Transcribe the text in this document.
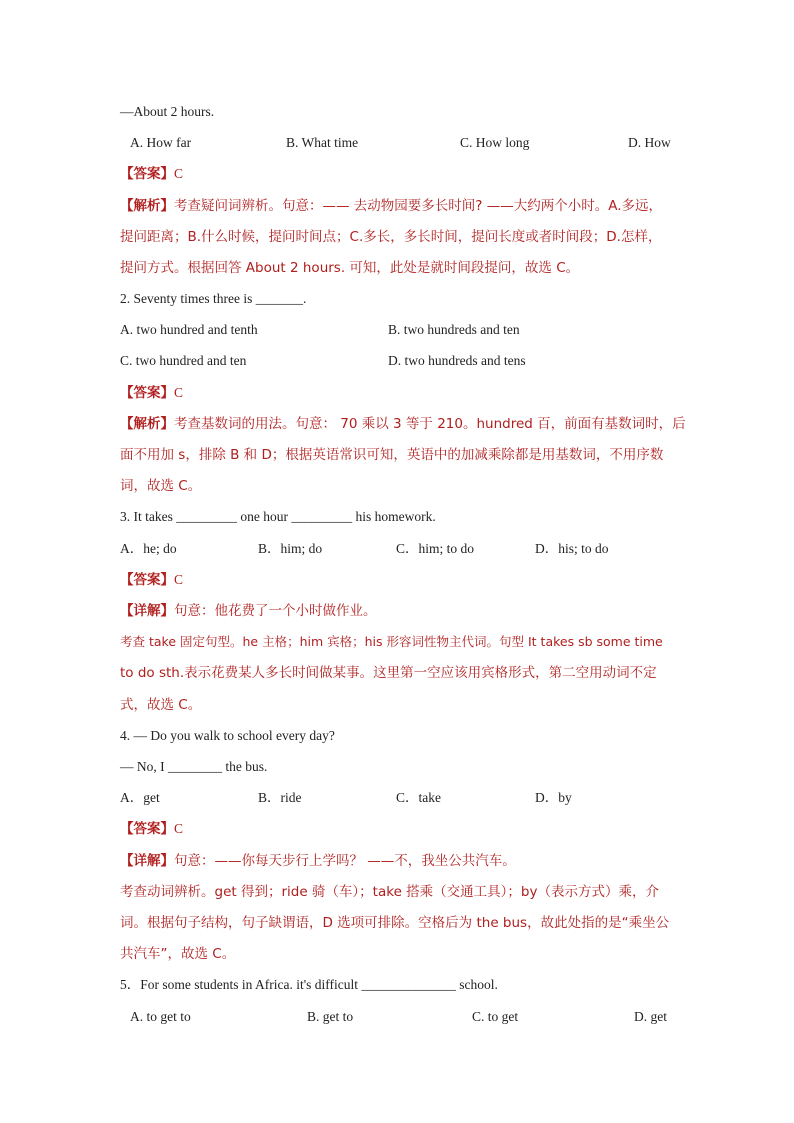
—About 2 hours.
A. How far	B. What time	C. How long	D. How
【答案】C
【解析】考查疑问词辨析。句意：—— 去动物园要多长时间? ——大约两个小时。A.多远，
提问距离；B.什么时候，提问时间点；C.多长，多长时间，提问长度或者时间段；D.怎样，
提问方式。根据回答 About 2 hours. 可知，此处是就时间段提问，故选 C。
2. Seventy times three is _______.
A. two hundred and tenth	B. two hundreds and ten
C. two hundred and ten	D. two hundreds and tens
【答案】C
【解析】考查基数词的用法。句意： 70 乘以 3 等于 210。hundred 百，前面有基数词时，后
面不用加 s，排除 B 和 D；根据英语常识可知，英语中的加减乘除都是用基数词，不用序数
词，故选 C。
3. It takes _________ one hour _________ his homework.
A．he; do	B．him; do	C．him; to do	D．his; to do
【答案】C
【详解】句意：他花费了一个小时做作业。
考查 take 固定句型。he 主格；him 宾格；his 形容词性物主代词。句型 It takes sb some time
to do sth.表示花费某人多长时间做某事。这里第一空应该用宾格形式，第二空用动词不定
式，故选 C。
4. — Do you walk to school every day?
— No, I ________ the bus.
A．get	B．ride	C．take	D．by
【答案】C
【详解】句意：——你每天步行上学吗？ ——不，我坐公共汽车。
考查动词辨析。get 得到；ride 骑（车）；take 搭乘（交通工具）；by（表示方式）乘，介
词。根据句子结构，句子缺谓语，D 选项可排除。空格后为 the bus，故此处指的是“乘坐公
共汽车”，故选 C。
5．For some students in Africa. it's difficult ______________ school.
A. to get to	B. get to	C. to get	D. get
